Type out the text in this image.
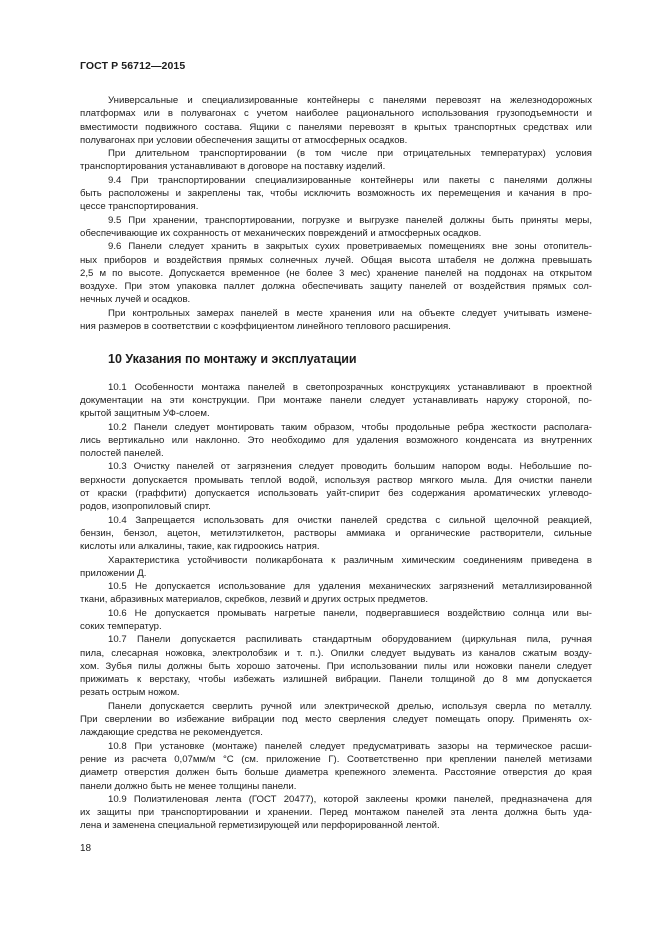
ГОСТ Р 56712—2015
Универсальные и специализированные контейнеры с панелями перевозят на железнодорожных
платформах или в полувагонах с учетом наиболее рационального использования грузоподъемности и
вместимости подвижного состава. Ящики с панелями перевозят в крытых транспортных средствах или
полувагонах при условии обеспечения защиты от атмосферных осадков.
При длительном транспортировании (в том числе при отрицательных температурах) условия
транспортирования устанавливают в договоре на поставку изделий.
9.4 При транспортировании специализированные контейнеры или пакеты с панелями должны
быть расположены и закреплены так, чтобы исключить возможность их перемещения и качания в про-
цессе транспортирования.
9.5 При хранении, транспортировании, погрузке и выгрузке панелей должны быть приняты меры,
обеспечивающие их сохранность от механических повреждений и атмосферных осадков.
9.6 Панели следует хранить в закрытых сухих проветриваемых помещениях вне зоны отопитель-
ных приборов и воздействия прямых солнечных лучей. Общая высота штабеля не должна превышать
2,5 м по высоте. Допускается временное (не более 3 мес) хранение панелей на поддонах на открытом
воздухе. При этом упаковка паллет должна обеспечивать защиту панелей от воздействия прямых сол-
нечных лучей и осадков.
При контрольных замерах панелей в месте хранения или на объекте следует учитывать измене-
ния размеров в соответствии с коэффициентом линейного теплового расширения.
10 Указания по монтажу и эксплуатации
10.1 Особенности монтажа панелей в светопрозрачных конструкциях устанавливают в проектной
документации на эти конструкции. При монтаже панели следует устанавливать наружу стороной, по-
крытой защитным УФ-слоем.
10.2 Панели следует монтировать таким образом, чтобы продольные ребра жесткости располага-
лись вертикально или наклонно. Это необходимо для удаления возможного конденсата из внутренних
полостей панелей.
10.3 Очистку панелей от загрязнения следует проводить большим напором воды. Небольшие по-
верхности допускается промывать теплой водой, используя раствор мягкого мыла. Для очистки панели
от краски (граффити) допускается использовать уайт-спирит без содержания ароматических углеводо-
родов, изопропиловый спирт.
10.4 Запрещается использовать для очистки панелей средства с сильной щелочной реакцией,
бензин, бензол, ацетон, метилэтилкетон, растворы аммиака и органические растворители, сильные
кислоты или алкалины, такие, как гидроокись натрия.
Характеристика устойчивости поликарбоната к различным химическим соединениям приведена в
приложении Д.
10.5 Не допускается использование для удаления механических загрязнений металлизированной
ткани, абразивных материалов, скребков, лезвий и других острых предметов.
10.6 Не допускается промывать нагретые панели, подвергавшиеся воздействию солнца или вы-
соких температур.
10.7 Панели допускается распиливать стандартным оборудованием (циркульная пила, ручная
пила, слесарная ножовка, электролобзик и т. п.). Опилки следует выдувать из каналов сжатым возду-
хом. Зубья пилы должны быть хорошо заточены. При использовании пилы или ножовки панели следует
прижимать к верстаку, чтобы избежать излишней вибрации. Панели толщиной до 8 мм допускается
резать острым ножом.
Панели допускается сверлить ручной или электрической дрелью, используя сверла по металлу.
При сверлении во избежание вибрации под место сверления следует помещать опору. Применять ох-
лаждающие средства не рекомендуется.
10.8 При установке (монтаже) панелей следует предусматривать зазоры на термическое расши-
рение из расчета 0,07мм/м °С (см. приложение Г). Соответственно при креплении панелей метизами
диаметр отверстия должен быть больше диаметра крепежного элемента. Расстояние отверстия до края
панели должно быть не менее толщины панели.
10.9 Полиэтиленовая лента (ГОСТ 20477), которой заклеены кромки панелей, предназначена для
их защиты при транспортировании и хранении. Перед монтажом панелей эта лента должна быть уда-
лена и заменена специальной герметизирующей или перфорированной лентой.
18
